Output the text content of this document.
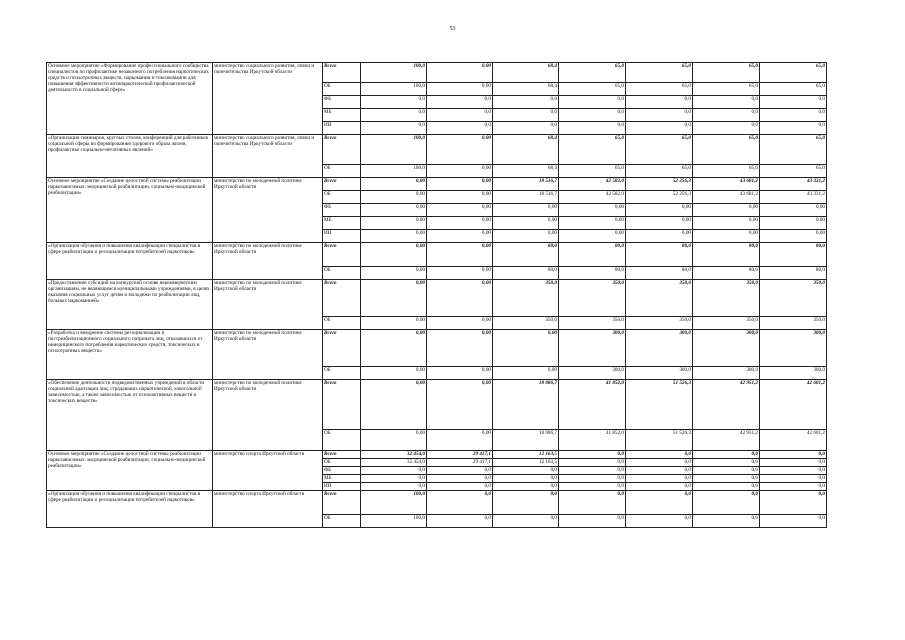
53
Основное мероприятие «Формирование профессионального сообщества специалистов по профилактике незаконного потребления наркотических средств и психотропных веществ, наркомании и токсикомании для повышения эффективности антинаркотической профилактической деятельности в социальной сфере»	министерство социального развития, опеки и попечительства Иркутской области	Всего	100,0	0,00	68,4	65,0	65,0	65,0	65,0
		ОБ	100,0	0,00	68,4	65,0	65,0	65,0	65,0
		ФБ	0,0	0,0	0,0	0,0	0,0	0,0	0,0
		МБ	0,0	0,0	0,0	0,0	0,0	0,0	0,0
		ИИ	0,0	0,0	0,0	0,0	0,0	0,0	0,0
«Организация семинаров, круглых столов, конференций для работников социальной сферы по формированию здорового образа жизни, профилактике социально-негативных явлений»	министерство социального развития, опеки и попечительства Иркутской области	Всего	100,0	0,00	68,4	65,0	65,0	65,0	65,0
		ОБ	100,0	0,00	68,4	65,0	65,0	65,0	65,0
Основное мероприятие «Создание целостной системы реабилитации наркозависимых: медицинской реабилитации, социально-медицинской реабилитации»	министерство по молодежной политике Иркутской области	Всего	0,00	0,00	18 516,7	42 582,0	52 256,3	43 681,2	43 331,2
		ОБ	0,00	0,00	18 516,7	42 582,0	52 256,3	43 681,2	43 331,2
		ФБ	0,00	0,00	0,00	0,00	0,00	0,00	0,00
		МБ	0,00	0,00	0,00	0,00	0,00	0,00	0,00
		ИИ	0,00	0,00	0,00	0,00	0,00	0,00	0,00
«Организация обучения и повышения квалификации специалистов в сфере реабилитации и ресоциализации потребителей наркотиков»	министерство по молодежной политике Иркутской области	Всего	0,00	0,00	80,0	80,0	80,0	80,0	80,0
		ОБ	0,00	0,00	80,0	80,0	80,0	80,0	80,0
«Предоставление субсидий на конкурсной основе некоммерческим организациям, не являющимся муниципальными учреждениями, в целях оказания социальных услуг детям и молодежи по реабилитации лиц, больных наркоманией»	министерство по молодежной политике Иркутской области	Всего	0,00	0,00	350,0	350,0	350,0	350,0	350,0
		ОБ	0,00	0,00	350,0	350,0	350,0	350,0	350,0
«Разработка и внедрение системы ресоциализации и постреабилитационного социального патроната лиц, отказавшихся от немедицинского потребления наркотических средств, токсических и психотропных веществ»	министерство по молодежной политике Иркутской области	Всего	0,00	0,00	0,00	300,0	300,0	300,0	300,0
		ОБ	0,00	0,00	0,00	300,0	300,0	300,0	300,0
«Обеспечение деятельности подведомственных учреждений в области социальной адаптации лиц, страдающих наркотической, алкогольной зависимостью, а также зависимостью от психоактивных веществ и токсических веществ»	министерство по молодежной политике Иркутской области	Всего	0,00	0,00	18 086,7	41 852,0	51 526,3	42 951,2	42 601,2
		ОБ	0,00	0,00	18 086,7	41 852,0	51 526,3	42 951,2	42 601,2
Основное мероприятие «Создание целостной системы реабилитации наркозависимых: медицинской реабилитации, социально-медицинской реабилитации»	министерство спорта Иркутской области	Всего	32 454,0	29 417,1	12 163,5	0,0	0,0	0,0	0,0
		ОБ	32 454,0	29 417,1	12 163,5	0,0	0,0	0,0	0,0
		ФБ	0,0	0,0	0,0	0,0	0,0	0,0	0,0
		МБ	0,0	0,0	0,0	0,0	0,0	0,0	0,0
		ИИ	0,0	0,0	0,0	0,0	0,0	0,0	0,0
«Организация обучения и повышения квалификации специалистов в сфере реабилитации и ресоциализации потребителей наркотиков»	министерство спорта Иркутской области	Всего	100,0	0,0	0,0	0,0	0,0	0,0	0,0
		ОБ	100,0	0,0	0,0	0,0	0,0	0,0	0,0
